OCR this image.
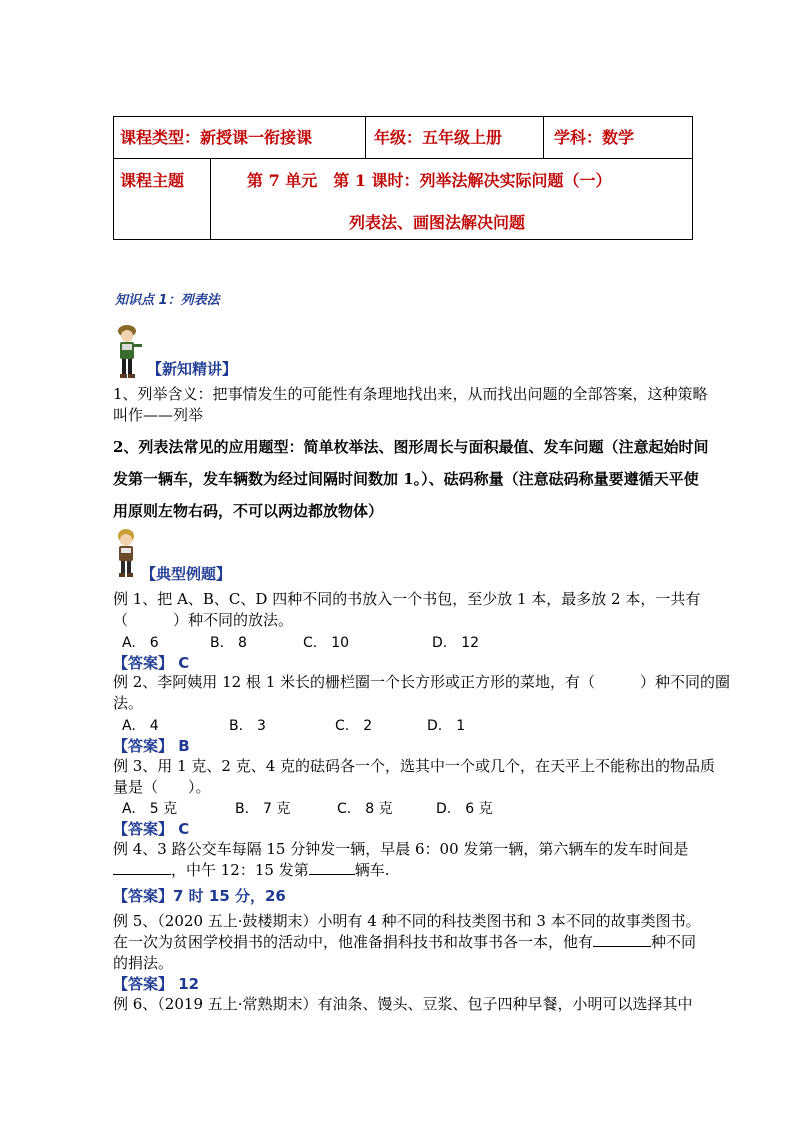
课程类型：新授课一衔接课	年级：五年级上册	学科：数学
课程主题	第 7 单元　第 1 课时：列举法解决实际问题（一）
列表法、画图法解决问题
知识点 1：列表法
【新知精讲】
1、列举含义：把事情发生的可能性有条理地找出来，从而找出问题的全部答案，这种策略
叫作——列举
2、列表法常见的应用题型：简单枚举法、图形周长与面积最值、发车问题（注意起始时间
发第一辆车，发车辆数为经过间隔时间数加 1。）、砝码称量（注意砝码称量要遵循天平使
用原则左物右码，不可以两边都放物体）
【典型例题】
例 1、把 A、B、C、D 四种不同的书放入一个书包，至少放 1 本，最多放 2 本，一共有
（　　　）种不同的放法。
A.　6	B.　8	C.　10	D.　12
【答案】 C
例 2、李阿姨用 12 根 1 米长的栅栏圈一个长方形或正方形的菜地，有（　　　）种不同的圈
法。
A.　4	B.　3	C.　2	D.　1
【答案】 B
例 3、用 1 克、2 克、4 克的砝码各一个，选其中一个或几个，在天平上不能称出的物品质
量是（　　）。
A.　5 克	B.　7 克	C.　8 克	D.　6 克
【答案】 C
例 4、3 路公交车每隔 15 分钟发一辆，早晨 6：00 发第一辆，第六辆车的发车时间是
，中午 12：15 发第	辆车.
【答案】7 时 15 分，26
例 5、（2020 五上·鼓楼期末）小明有 4 种不同的科技类图书和 3 本不同的故事类图书。
在一次为贫困学校捐书的活动中，他准备捐科技书和故事书各一本，他有	种不同
的捐法。
【答案】 12
例 6、（2019 五上·常熟期末）有油条、馒头、豆浆、包子四种早餐，小明可以选择其中
